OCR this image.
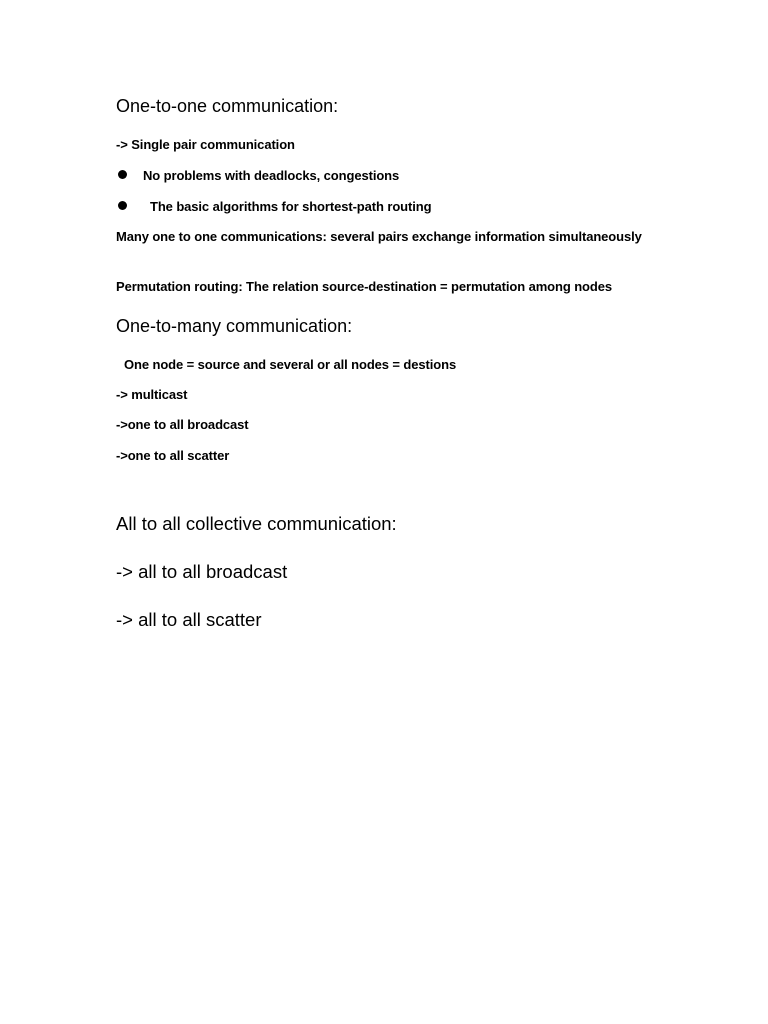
One-to-one communication:

-> Single pair communication

No problems with deadlocks, congestions
The basic algorithms for shortest-path routing

Many one to one communications: several pairs exchange information simultaneously

Permutation routing: The relation source-destination = permutation among nodes

One-to-many communication:

One node = source and several or all nodes = destions

-> multicast

->one to all broadcast

->one to all scatter

All to all collective communication:

-> all to all broadcast

-> all to all scatter
